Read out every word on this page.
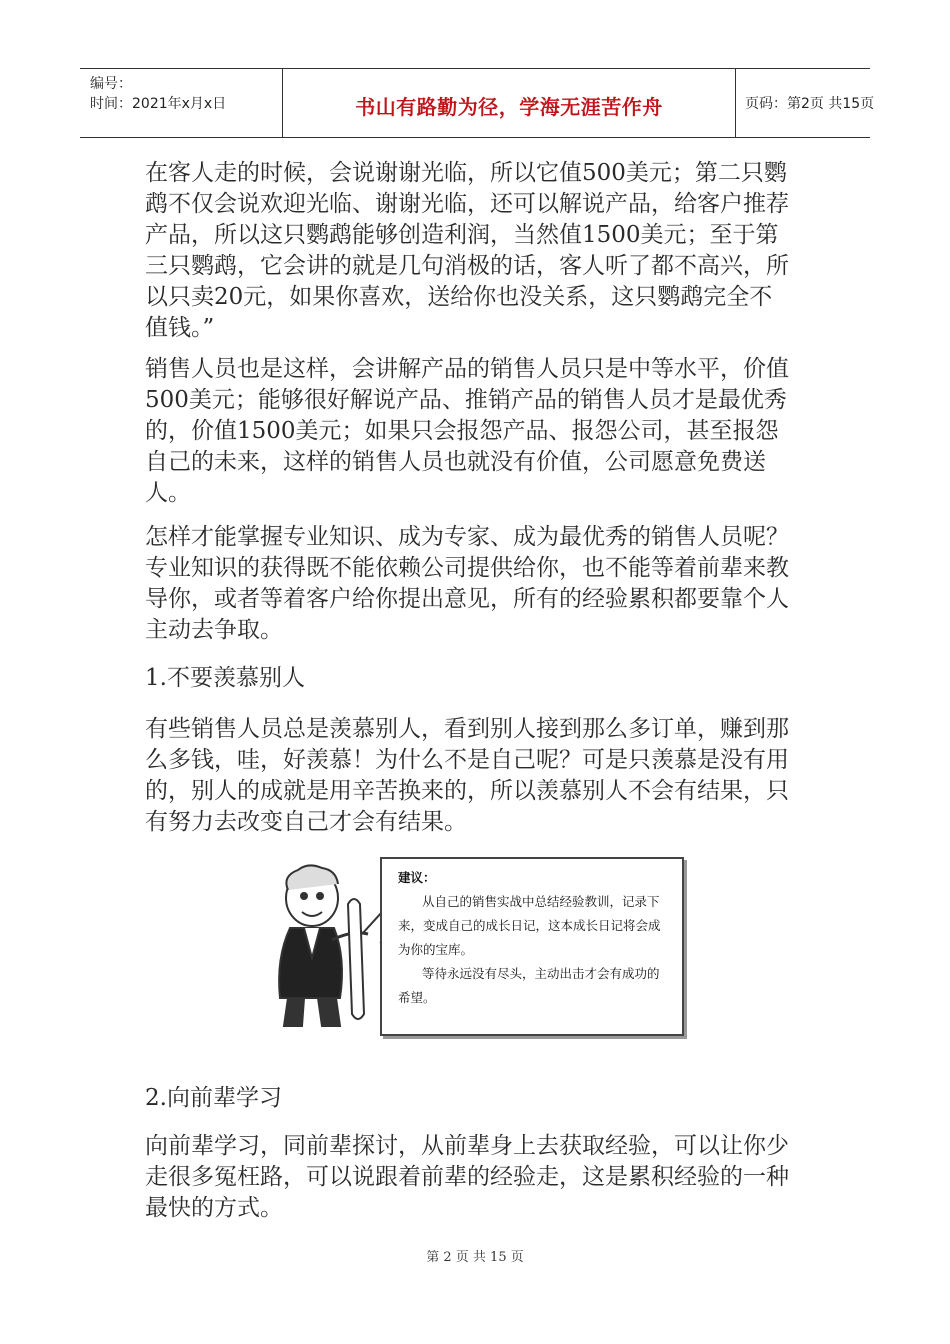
编号：
时间：2021年x月x日	书山有路勤为径，学海无涯苦作舟	页码：第2页 共15页
在客人走的时候，会说谢谢光临，所以它值500美元；第二只鹦鹉不仅会说欢迎光临、谢谢光临，还可以解说产品，给客户推荐产品，所以这只鹦鹉能够创造利润，当然值1500美元；至于第三只鹦鹉，它会讲的就是几句消极的话，客人听了都不高兴，所以只卖20元，如果你喜欢，送给你也没关系，这只鹦鹉完全不值钱。”
销售人员也是这样，会讲解产品的销售人员只是中等水平，价值500美元；能够很好解说产品、推销产品的销售人员才是最优秀的，价值1500美元；如果只会报怨产品、报怨公司，甚至报怨自己的未来，这样的销售人员也就没有价值，公司愿意免费送人。
怎样才能掌握专业知识、成为专家、成为最优秀的销售人员呢？专业知识的获得既不能依赖公司提供给你，也不能等着前辈来教导你，或者等着客户给你提出意见，所有的经验累积都要靠个人主动去争取。
1.不要羡慕别人
有些销售人员总是羡慕别人，看到别人接到那么多订单，赚到那么多钱，哇，好羡慕！为什么不是自己呢？可是只羡慕是没有用的，别人的成就是用辛苦换来的，所以羡慕别人不会有结果，只有努力去改变自己才会有结果。
建议：
从自己的销售实战中总结经验教训，记录下来，变成自己的成长日记，这本成长日记将会成为你的宝库。
等待永远没有尽头，主动出击才会有成功的希望。
2.向前辈学习
向前辈学习，同前辈探讨，从前辈身上去获取经验，可以让你少走很多冤枉路，可以说跟着前辈的经验走，这是累积经验的一种最快的方式。
第 2 页 共 15 页
